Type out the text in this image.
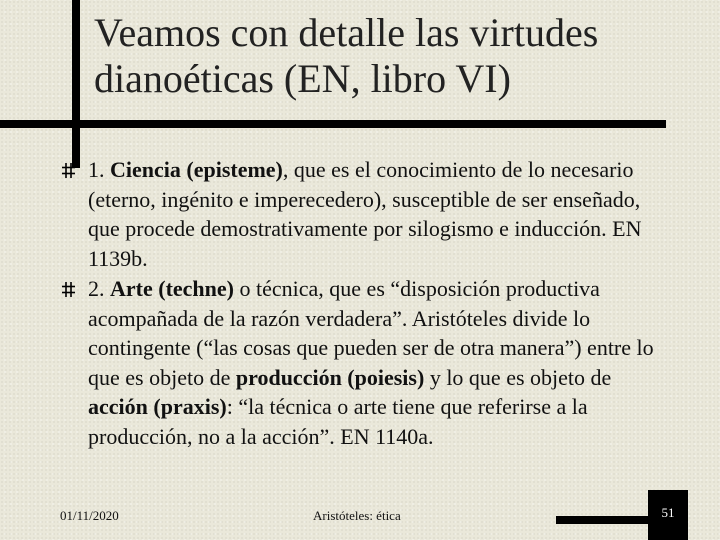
Veamos con detalle las virtudes
dianoéticas (EN, libro VI)
1. Ciencia (episteme), que es el conocimiento de lo necesario (eterno, ingénito e imperecedero), susceptible de ser enseñado, que procede demostrativamente por silogismo e inducción. EN 1139b.
2. Arte (techne) o técnica, que es “disposición productiva acompañada de la razón verdadera”. Aristóteles divide lo contingente (“las cosas que pueden ser de otra manera”) entre lo que es objeto de producción (poiesis) y lo que es objeto de acción (praxis): “la técnica o arte tiene que referirse a la producción, no a la acción”. EN 1140a.
01/11/2020	Aristóteles: ética	51
